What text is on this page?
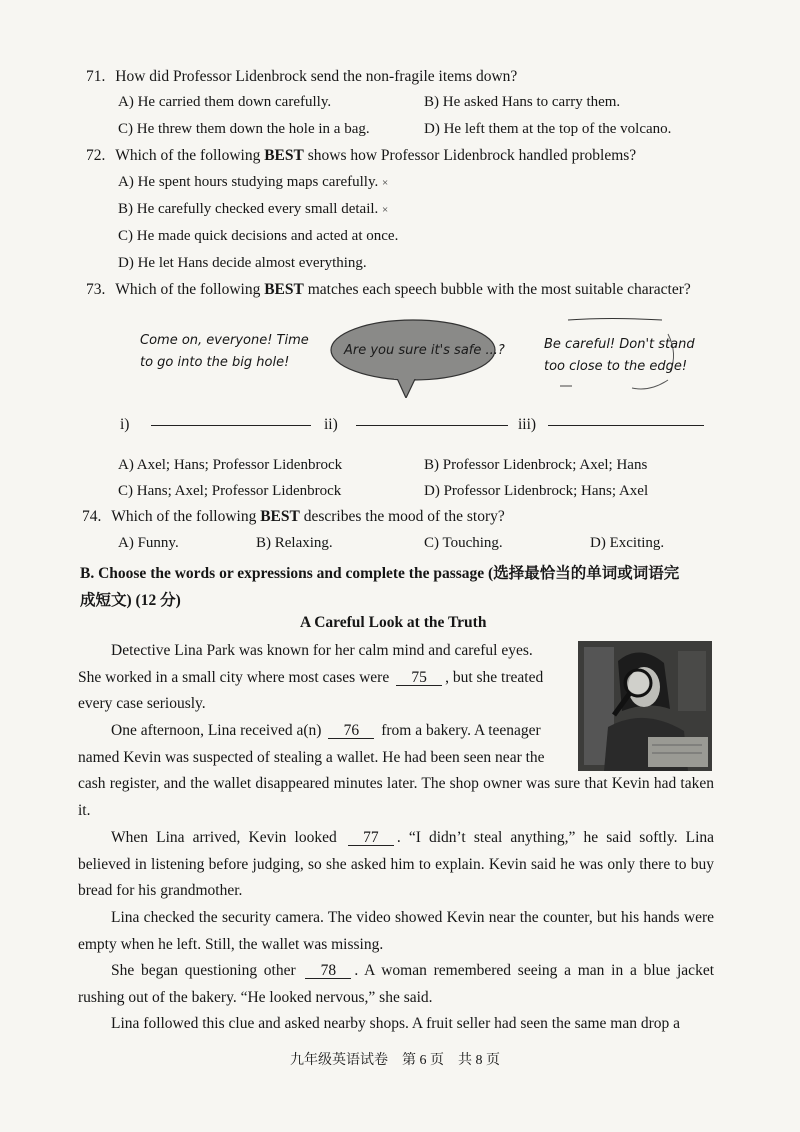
71. How did Professor Lidenbrock send the non-fragile items down?
A) He carried them down carefully.	B) He asked Hans to carry them.
C) He threw them down the hole in a bag.	D) He left them at the top of the volcano.
72. Which of the following BEST shows how Professor Lidenbrock handled problems?
A) He spent hours studying maps carefully. ×
B) He carefully checked every small detail. ×
C) He made quick decisions and acted at once.
D) He let Hans decide almost everything.
73. Which of the following BEST matches each speech bubble with the most suitable character?
Come on, everyone! Time
to go into the big hole!
Are you sure it's safe ...?	Be careful! Don't stand
too close to the edge!
i)	ii)	iii)
A) Axel; Hans; Professor Lidenbrock	B) Professor Lidenbrock; Axel; Hans
C) Hans; Axel; Professor Lidenbrock	D) Professor Lidenbrock; Hans; Axel
74. Which of the following BEST describes the mood of the story?
A) Funny.	B) Relaxing.	C) Touching.	D) Exciting.
B. Choose the words or expressions and complete the passage (选择最恰当的单词或词语完
成短文) (12 分)
A Careful Look at the Truth
Detective Lina Park was known for her calm mind and careful eyes.
She worked in a small city where most cases were 75 , but she treated
every case seriously.
One afternoon, Lina received a(n) 76 from a bakery. A teenager
named Kevin was suspected of stealing a wallet. He had been seen near the
cash register, and the wallet disappeared minutes later. The shop owner was sure that Kevin had taken it.
When Lina arrived, Kevin looked 77 . “I didn’t steal anything,” he said softly. Lina believed in listening before judging, so she asked him to explain. Kevin said he was only there to buy bread for his grandmother.
Lina checked the security camera. The video showed Kevin near the counter, but his hands were empty when he left. Still, the wallet was missing.
She began questioning other 78 . A woman remembered seeing a man in a blue jacket rushing out of the bakery. “He looked nervous,” she said.
Lina followed this clue and asked nearby shops. A fruit seller had seen the same man drop a
九年级英语试卷　第 6 页　共 8 页
